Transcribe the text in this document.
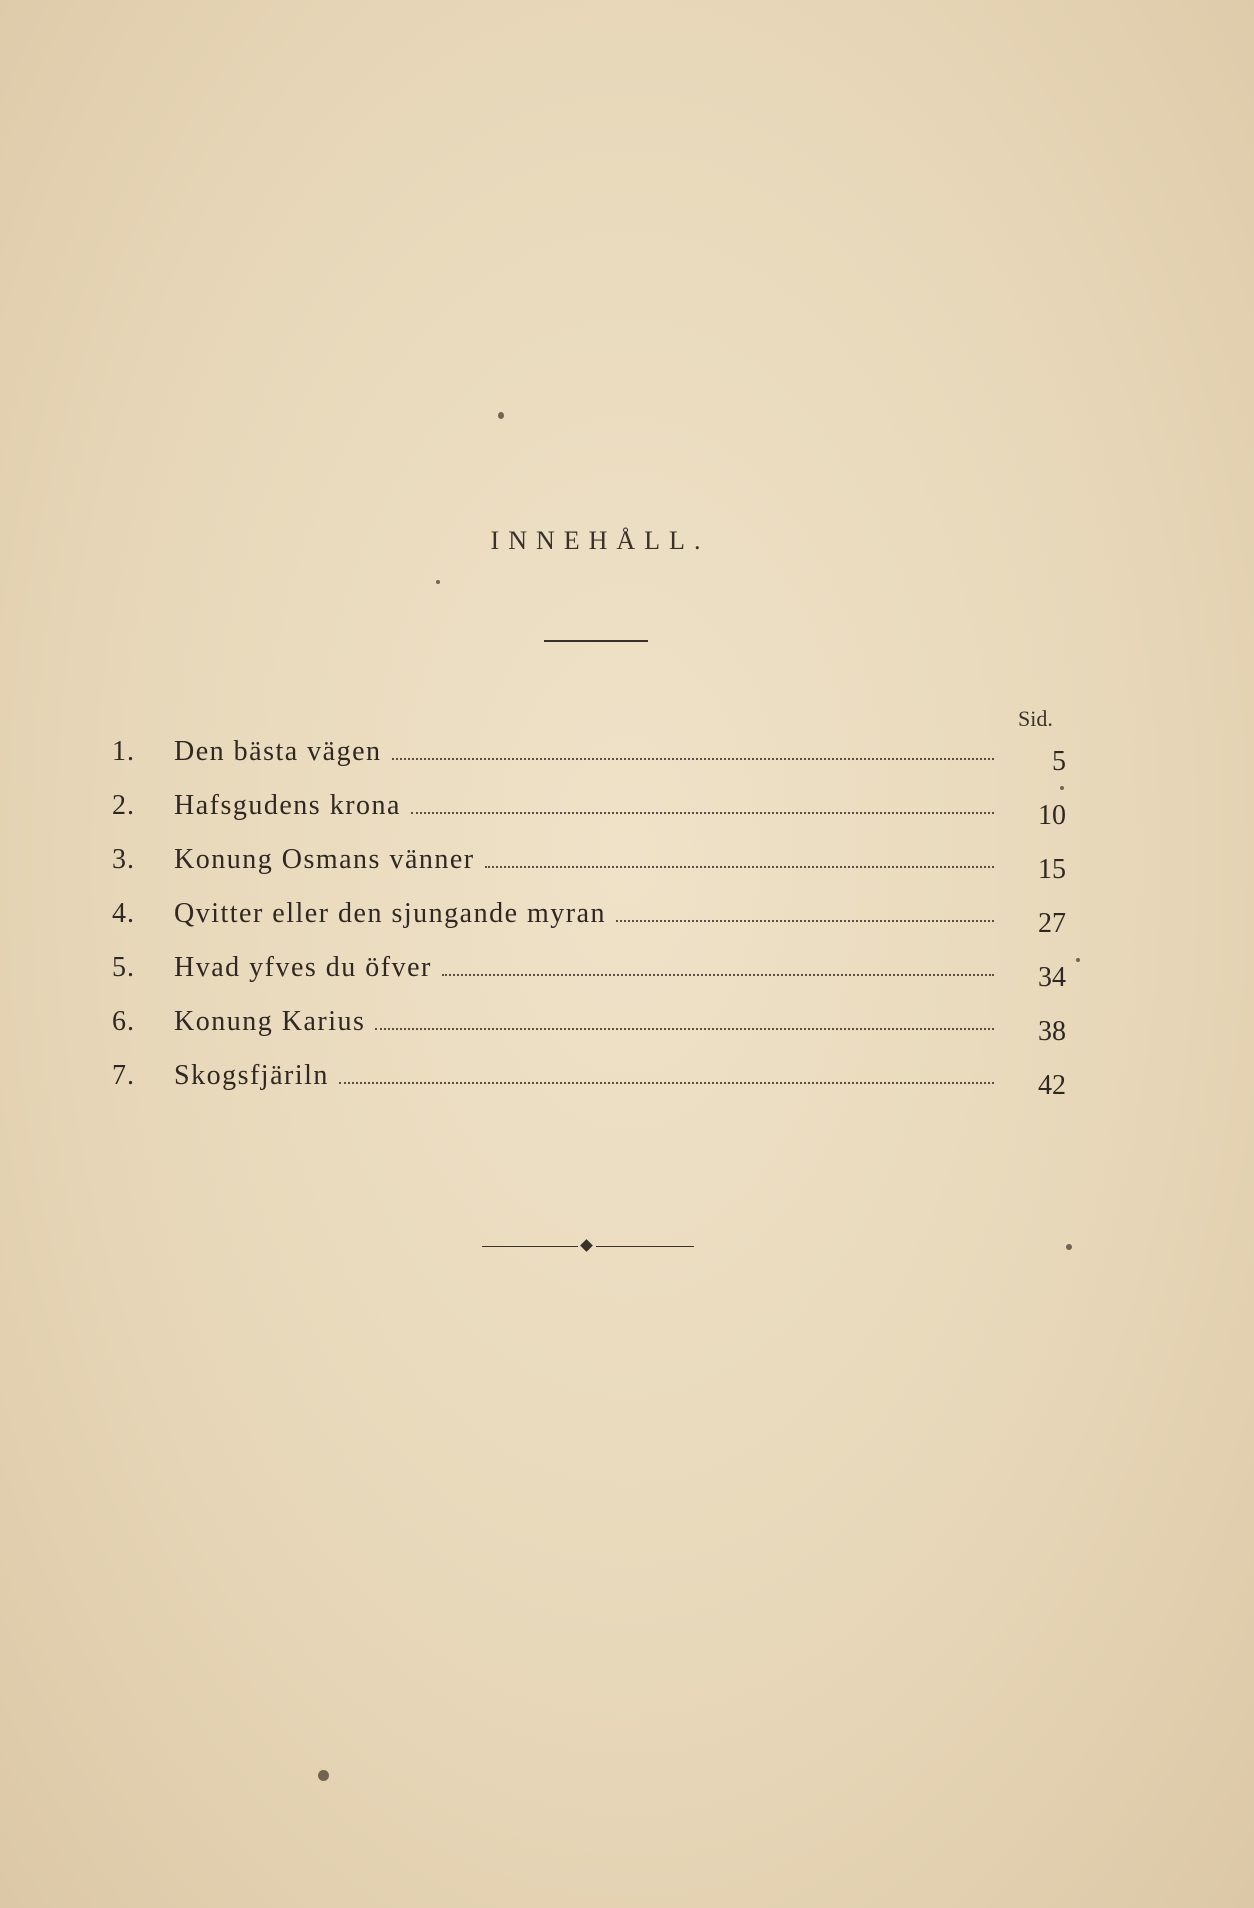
INNEHÅLL.
Sid.
1.	Den bästa vägen	5
2.	Hafsgudens krona	10
3.	Konung Osmans vänner	15
4.	Qvitter eller den sjungande myran	27
5.	Hvad yfves du öfver	34
6.	Konung Karius	38
7.	Skogsfjäriln	42
